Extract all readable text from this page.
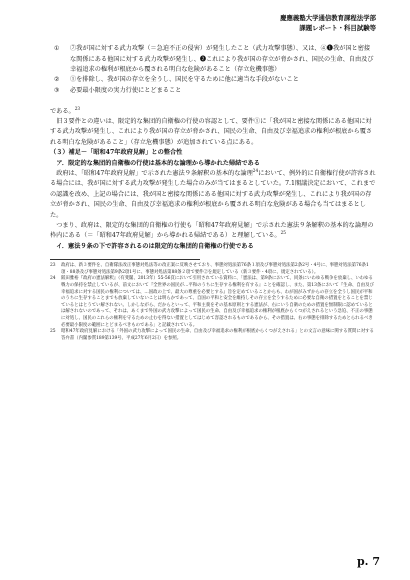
慶應義塾大学通信教育課程法学部
課題レポート・科目試験等
①	⑦我が国に対する武力攻撃（＝急迫不正の侵害）が発生したこと（武力攻撃事態）、又は、④❶我が国と密接な関係にある他国に対する武力攻撃が発生し、❷これにより我が国の存立が脅かされ、国民の生命、自由及び幸福追求の権利が根底から覆される明白な危険があること（存立危機事態）
②	①を排除し、我が国の存立を全うし、国民を守るために他に適当な手段がないこと
③	必要最小限度の実力行使にとどまること
である。$^{23}$
旧３要件との違いは、限定的な集団的自衛権の行使の容認として、要件①に「我が国と密接な関係にある他国に対する武力攻撃が発生し、これにより我が国の存立が脅かされ、国民の生命、自由及び幸福追求の権利が根底から覆される明白な危険があること」（存立危機事態）が追加されている点にある。
（３）補足－「昭和47年政府見解」との整合性
ア．限定的な集団的自衛権の行使は基本的な論理から導かれた帰結である
政府は、「昭和47年政府見解」で示された憲法９条解釈の基本的な論理$^{24}$において、例外的に自衛権行使が許容される場合には、我が国に対する武力攻撃が発生した場合のみが当てはまるとしていた。7.1閣議決定において、これまでの認識を改め、上記の場合には、我が国と密接な関係にある他国に対する武力攻撃が発生し、これにより我が国の存立が脅かされ、国民の生命、自由及び幸福追求の権利が根底から覆される明白な危険がある場合も当てはまるとした。
つまり、政府は、限定的な集団的自衛権の行使も「昭和47年政府見解」で示された憲法９条解釈の基本的な論理の枠内にある（＝「昭和47年政府見解」から導かれる帰結である）と理解している。$^{25}$
イ．憲法９条の下で許容されるのは限定的な集団的自衛権の行使である
23	政府は、新３要件を、自衛隊法改正事態対処法等の改正案に反映させており、事態対処法第76条１項及び事態対処法第2条2号・4号に、事態対処法第76条1項・88条及び事態対処法第9条2項1号に、事態対処法第88条２項で要件②を規定している（新３要件・4項に、規定されている）。
24	阪田雅裕『政府の憲法解釈』（有斐閣、2013年）55-56頁において引用されている資料に、「憲法は、第9条において、同条にいわゆる戦争を放棄し、いわゆる戦力の保持を禁止しているが、前文において『全世界の国民が…平和のうちに生存する権利を有する』ことを確認し、また、第13条において『生命、自由及び幸福追求に対する国民の権利については、…国政の上で、最大の尊重を必要とする』旨を定めていることからも、わが国がみずからの存立を全うし国民が平和のうちに生存することまでも放棄していないことは明らかであって、自国の平和と安全を維持しその存立を全うするために必要な自衛の措置をとることを禁じているとはとうてい解されない。しかしながら、だからといって、平和主義をその基本原則とする憲法が、右にいう自衛のための措置を無制限に認めているとは解されないのであって、それは、あくまで外国の武力攻撃によって国民の生命、自由及び幸福追求の権利が根底からくつがえされるという急迫、不正の事態に対処し、国民のこれらの権利を守るための止むを得ない措置としてはじめて容認されるものであるから、その措置は、右の事態を排除するためとられるべき必要最小限度の範囲にとどまるべきものである」と記載されている。
25	昭和47年政府見解における「外国の武力攻撃によって国民の生命、自由及び幸福追求の権利が根底からくつがえされる」との文言の意味に関する質問に対する答弁書（内閣参質189第139号、平成27年6月2日）を参照。
p. 7
